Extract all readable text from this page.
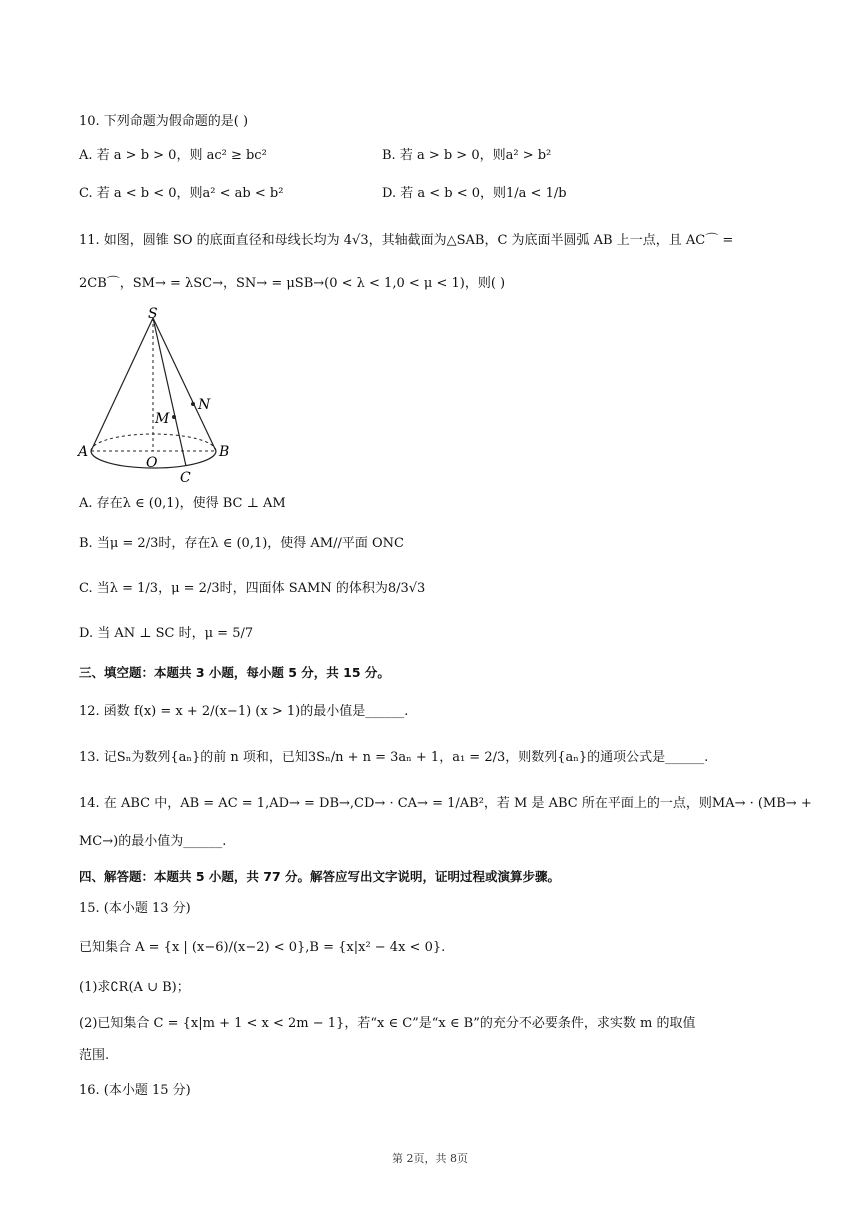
10. 下列命题为假命题的是( )
A. 若 a > b > 0，则 ac² ≥ bc²	B. 若 a > b > 0，则a² > b²
C. 若 a < b < 0，则a² < ab < b²	D. 若 a < b < 0，则1/a < 1/b
11. 如图，圆锥 SO 的底面直径和母线长均为 4√3，其轴截面为△SAB，C 为底面半圆弧 AB 上一点，且 AC⌒ =
2CB⌒，SM→ = λSC→，SN→ = μSB→(0 < λ < 1,0 < μ < 1)，则( )
S
A	B
O
C
M
N
A. 存在λ ∈ (0,1)，使得 BC ⊥ AM
B. 当μ = 2/3时，存在λ ∈ (0,1)，使得 AM//平面 ONC
C. 当λ = 1/3，μ = 2/3时，四面体 SAMN 的体积为8/3√3
D. 当 AN ⊥ SC 时，μ = 5/7
三、填空题：本题共 3 小题，每小题 5 分，共 15 分。
12. 函数 f(x) = x + 2/(x−1) (x > 1)的最小值是______.
13. 记Sₙ为数列{aₙ}的前 n 项和，已知3Sₙ/n + n = 3aₙ + 1，a₁ = 2/3，则数列{aₙ}的通项公式是______.
14. 在 ABC 中，AB = AC = 1,AD→ = DB→,CD→ · CA→ = 1/AB²，若 M 是 ABC 所在平面上的一点，则MA→ · (MB→ +
MC→)的最小值为______.
四、解答题：本题共 5 小题，共 77 分。解答应写出文字说明，证明过程或演算步骤。
15. (本小题 13 分)
已知集合 A = {x | (x−6)/(x−2) < 0},B = {x|x² − 4x < 0}.
(1)求∁R(A ∪ B)；
(2)已知集合 C = {x|m + 1 < x < 2m − 1}，若“x ∈ C”是“x ∈ B”的充分不必要条件，求实数 m 的取值
范围.
16. (本小题 15 分)
第 2页，共 8页
